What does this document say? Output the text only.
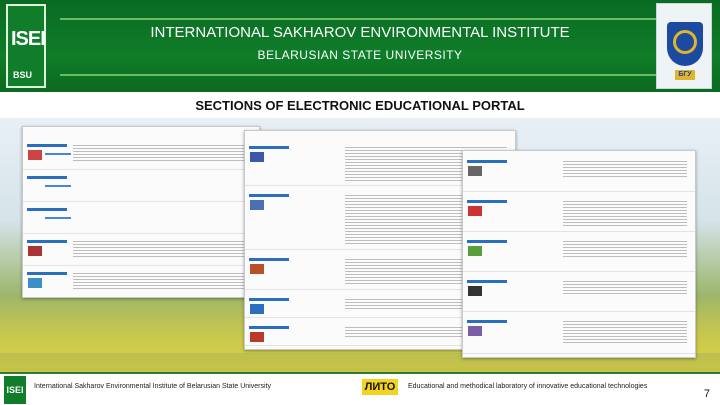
ISEI
BSU
INTERNATIONAL SAKHAROV ENVIRONMENTAL INSTITUTE
BELARUSIAN STATE UNIVERSITY
БГУ
SECTIONS OF ELECTRONIC EDUCATIONAL PORTAL
ISEI	International Sakharov Environmental Institute of Belarusian State University	ЛИТО	Educational and methodical laboratory of innovative educational technologies
7
